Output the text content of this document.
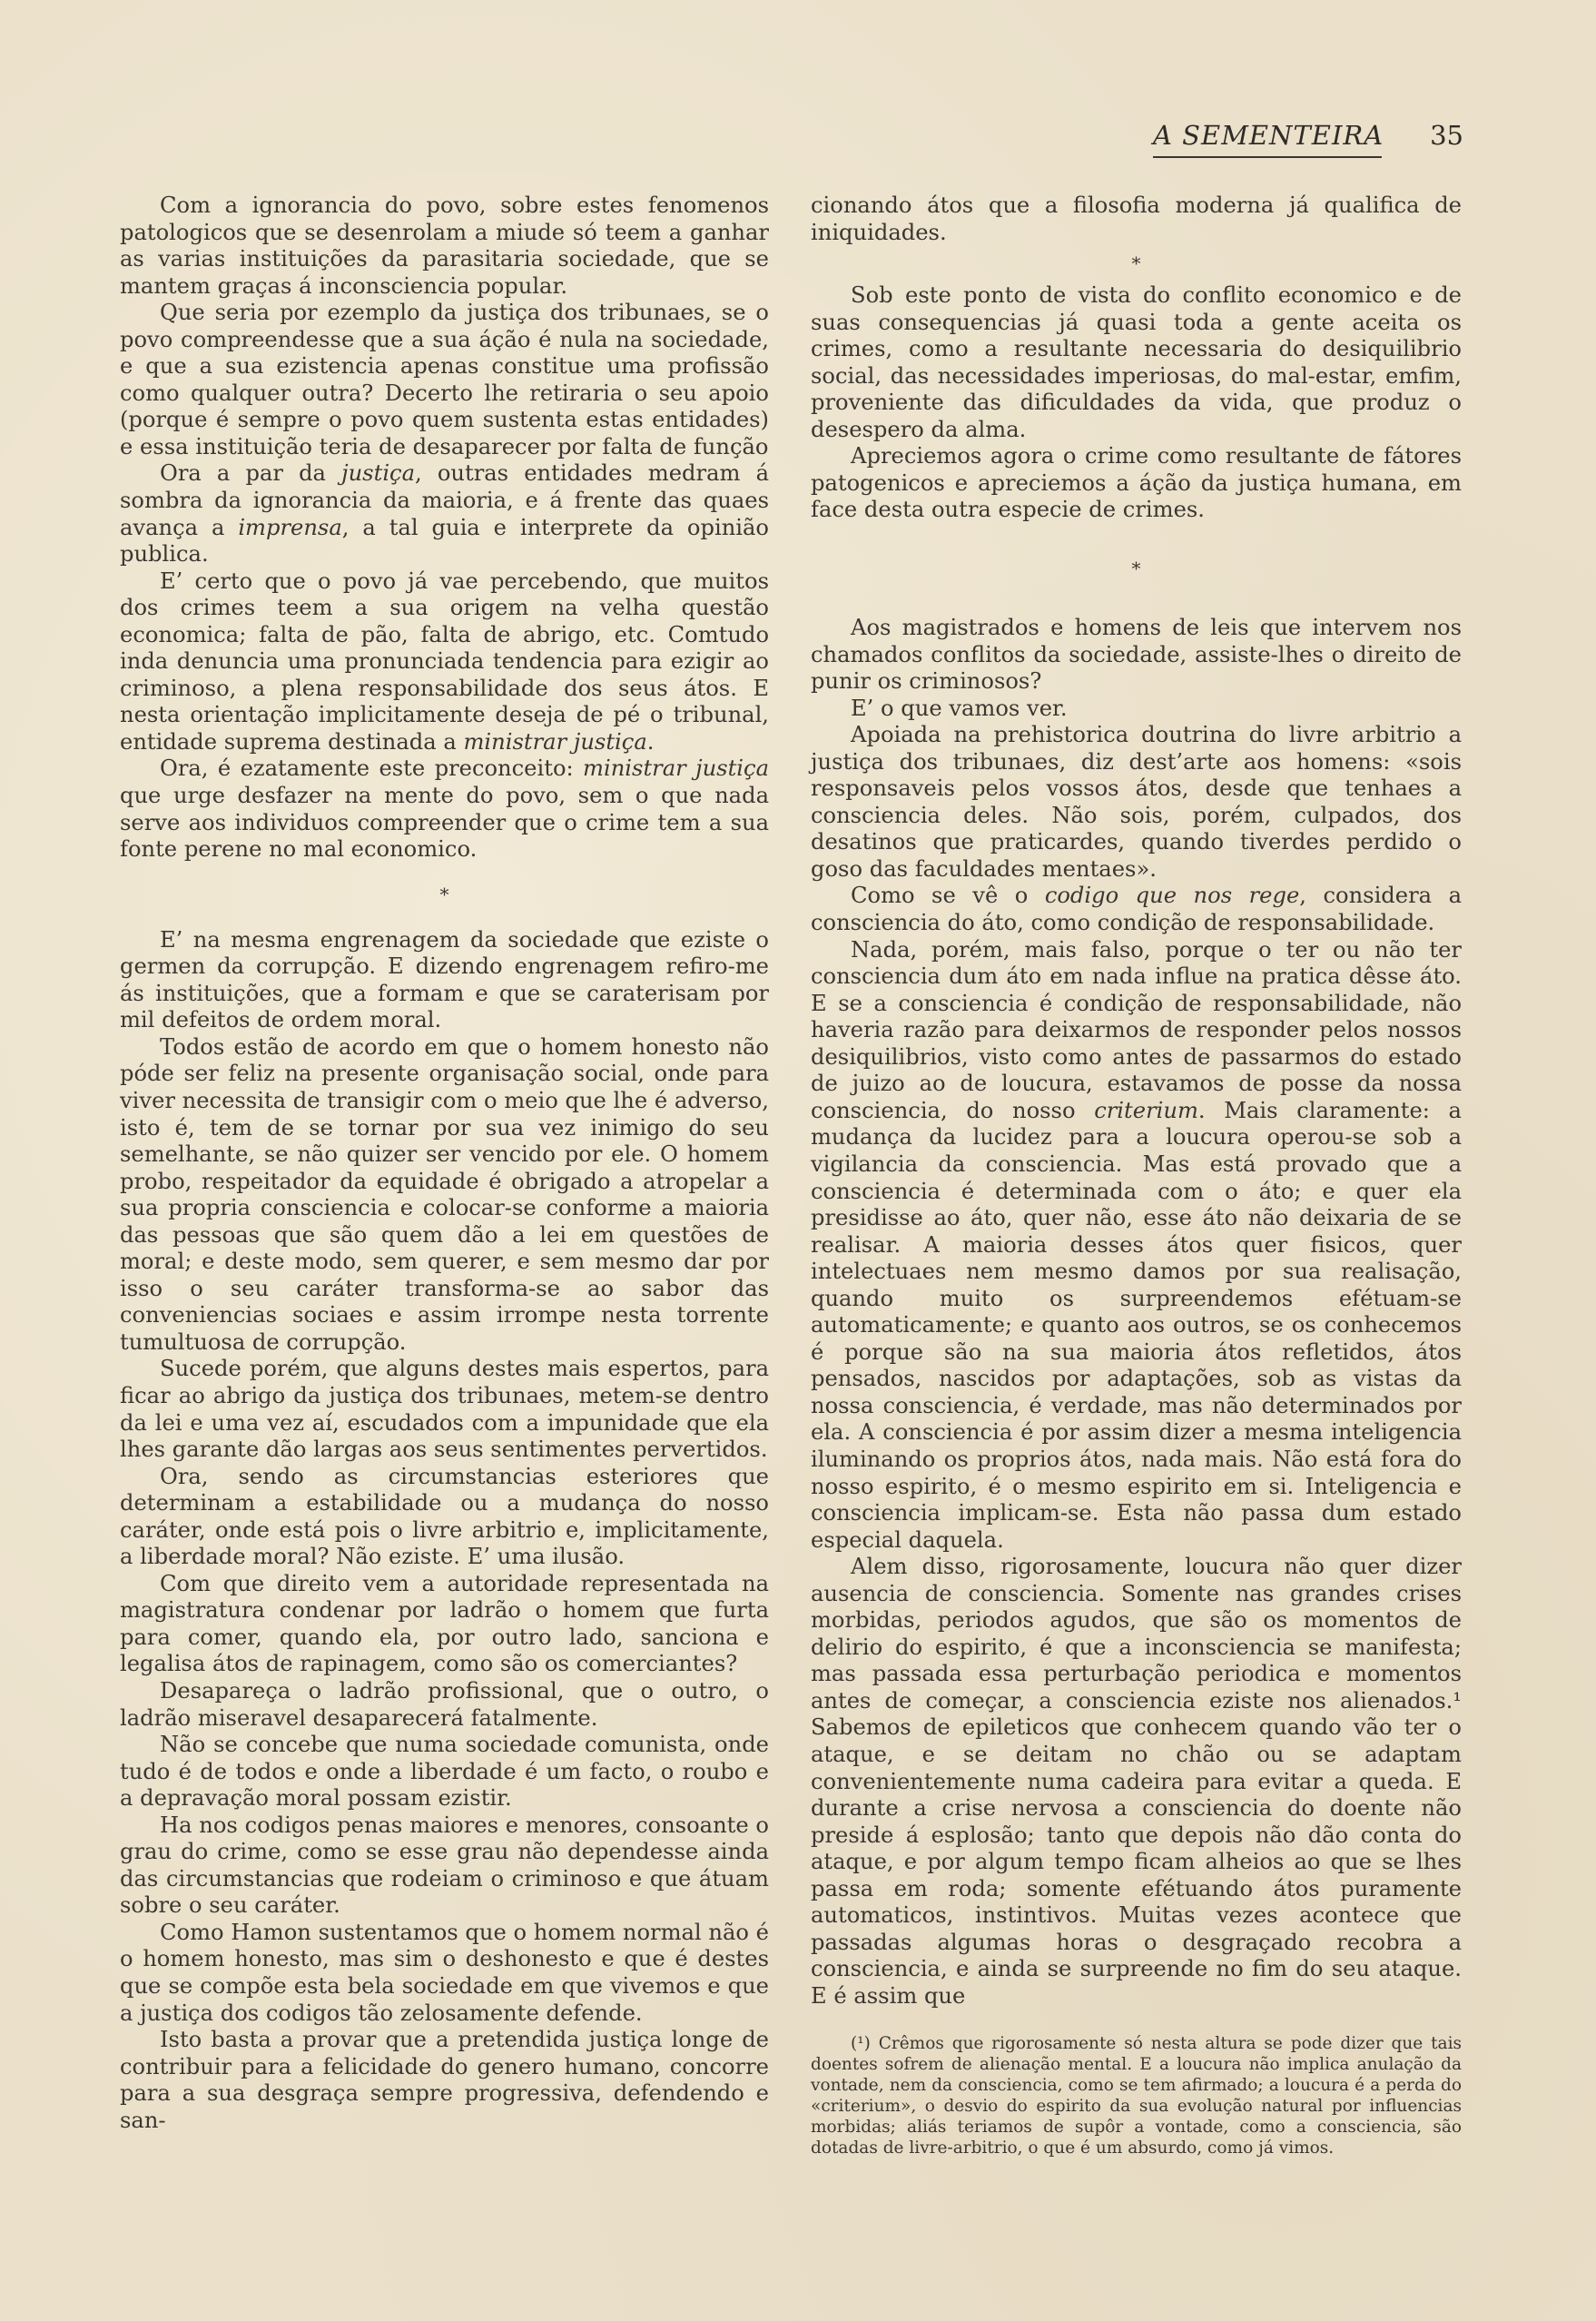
A SEMENTEIRA 35

Com a ignorancia do povo, sobre estes fenomenos patologicos que se desenrolam a miude só teem a ganhar as varias instituições da parasitaria sociedade, que se mantem graças á inconsciencia popular.

Que seria por ezemplo da justiça dos tribunaes, se o povo compreendesse que a sua áção é nula na sociedade, e que a sua ezistencia apenas constitue uma profissão como qualquer outra? Decerto lhe retiraria o seu apoio (porque é sempre o povo quem sustenta estas entidades) e essa instituição teria de desaparecer por falta de função

Ora a par da justiça, outras entidades medram á sombra da ignorancia da maioria, e á frente das quaes avança a imprensa, a tal guia e interprete da opinião publica.

E’ certo que o povo já vae percebendo, que muitos dos crimes teem a sua origem na velha questão economica; falta de pão, falta de abrigo, etc. Comtudo inda denuncia uma pronunciada tendencia para ezigir ao criminoso, a plena responsabilidade dos seus átos. E nesta orientação implicitamente deseja de pé o tribunal, entidade suprema destinada a ministrar justiça.

Ora, é ezatamente este preconceito: ministrar justiça que urge desfazer na mente do povo, sem o que nada serve aos individuos compreender que o crime tem a sua fonte perene no mal economico.

*

E’ na mesma engrenagem da sociedade que eziste o germen da corrupção. E dizendo engrenagem refiro-me ás instituições, que a formam e que se caraterisam por mil defeitos de ordem moral.

Todos estão de acordo em que o homem honesto não póde ser feliz na presente organisação social, onde para viver necessita de transigir com o meio que lhe é adverso, isto é, tem de se tornar por sua vez inimigo do seu semelhante, se não quizer ser vencido por ele. O homem probo, respeitador da equidade é obrigado a atropelar a sua propria consciencia e colocar-se conforme a maioria das pessoas que são quem dão a lei em questões de moral; e deste modo, sem querer, e sem mesmo dar por isso o seu caráter transforma-se ao sabor das conveniencias sociaes e assim irrompe nesta torrente tumultuosa de corrupção.

Sucede porém, que alguns destes mais espertos, para ficar ao abrigo da justiça dos tribunaes, metem-se dentro da lei e uma vez aí, escudados com a impunidade que ela lhes garante dão largas aos seus sentimentes pervertidos.

Ora, sendo as circumstancias esteriores que determinam a estabilidade ou a mudança do nosso caráter, onde está pois o livre arbitrio e, implicitamente, a liberdade moral? Não eziste. E’ uma ilusão.

Com que direito vem a autoridade representada na magistratura condenar por ladrão o homem que furta para comer, quando ela, por outro lado, sanciona e legalisa átos de rapinagem, como são os comerciantes?

Desapareça o ladrão profissional, que o outro, o ladrão miseravel desaparecerá fatalmente.

Não se concebe que numa sociedade comunista, onde tudo é de todos e onde a liberdade é um facto, o roubo e a depravação moral possam ezistir.

Ha nos codigos penas maiores e menores, consoante o grau do crime, como se esse grau não dependesse ainda das circumstancias que rodeiam o criminoso e que átuam sobre o seu caráter.

Como Hamon sustentamos que o homem normal não é o homem honesto, mas sim o deshonesto e que é destes que se compõe esta bela sociedade em que vivemos e que a justiça dos codigos tão zelosamente defende.

Isto basta a provar que a pretendida justiça longe de contribuir para a felicidade do genero humano, concorre para a sua desgraça sempre progressiva, defendendo e san-

cionando átos que a filosofia moderna já qualifica de iniquidades.

*

Sob este ponto de vista do conflito economico e de suas consequencias já quasi toda a gente aceita os crimes, como a resultante necessaria do desiquilibrio social, das necessidades imperiosas, do mal-estar, emfim, proveniente das dificuldades da vida, que produz o desespero da alma.

Apreciemos agora o crime como resultante de fátores patogenicos e apreciemos a áção da justiça humana, em face desta outra especie de crimes.

*

Aos magistrados e homens de leis que intervem nos chamados conflitos da sociedade, assiste-lhes o direito de punir os criminosos?

E’ o que vamos ver.

Apoiada na prehistorica doutrina do livre arbitrio a justiça dos tribunaes, diz dest’arte aos homens: «sois responsaveis pelos vossos átos, desde que tenhaes a consciencia deles. Não sois, porém, culpados, dos desatinos que praticardes, quando tiverdes perdido o goso das faculdades mentaes».

Como se vê o codigo que nos rege, considera a consciencia do áto, como condição de responsabilidade.

Nada, porém, mais falso, porque o ter ou não ter consciencia dum áto em nada influe na pratica dêsse áto. E se a consciencia é condição de responsabilidade, não haveria razão para deixarmos de responder pelos nossos desiquilibrios, visto como antes de passarmos do estado de juizo ao de loucura, estavamos de posse da nossa consciencia, do nosso criterium. Mais claramente: a mudança da lucidez para a loucura operou-se sob a vigilancia da consciencia. Mas está provado que a consciencia é determinada com o áto; e quer ela presidisse ao áto, quer não, esse áto não deixaria de se realisar. A maioria desses átos quer fisicos, quer intelectuaes nem mesmo damos por sua realisação, quando muito os surpreendemos efétuam-se automaticamente; e quanto aos outros, se os conhecemos é porque são na sua maioria átos refletidos, átos pensados, nascidos por adaptações, sob as vistas da nossa consciencia, é verdade, mas não determinados por ela. A consciencia é por assim dizer a mesma inteligencia iluminando os proprios átos, nada mais. Não está fora do nosso espirito, é o mesmo espirito em si. Inteligencia e consciencia implicam-se. Esta não passa dum estado especial daquela.

Alem disso, rigorosamente, loucura não quer dizer ausencia de consciencia. Somente nas grandes crises morbidas, periodos agudos, que são os momentos de delirio do espirito, é que a inconsciencia se manifesta; mas passada essa perturbação periodica e momentos antes de começar, a consciencia eziste nos alienados.¹ Sabemos de epileticos que conhecem quando vão ter o ataque, e se deitam no chão ou se adaptam convenientemente numa cadeira para evitar a queda. E durante a crise nervosa a consciencia do doente não preside á esplosão; tanto que depois não dão conta do ataque, e por algum tempo ficam alheios ao que se lhes passa em roda; somente efétuando átos puramente automaticos, instintivos. Muitas vezes acontece que passadas algumas horas o desgraçado recobra a consciencia, e ainda se surpreende no fim do seu ataque. E é assim que

(¹) Crêmos que rigorosamente só nesta altura se pode dizer que tais doentes sofrem de alienação mental. E a loucura não implica anulação da vontade, nem da consciencia, como se tem afirmado; a loucura é a perda do «criterium», o desvio do espirito da sua evolução natural por influencias morbidas; aliás teriamos de supôr a vontade, como a consciencia, são dotadas de livre-arbitrio, o que é um absurdo, como já vimos.
